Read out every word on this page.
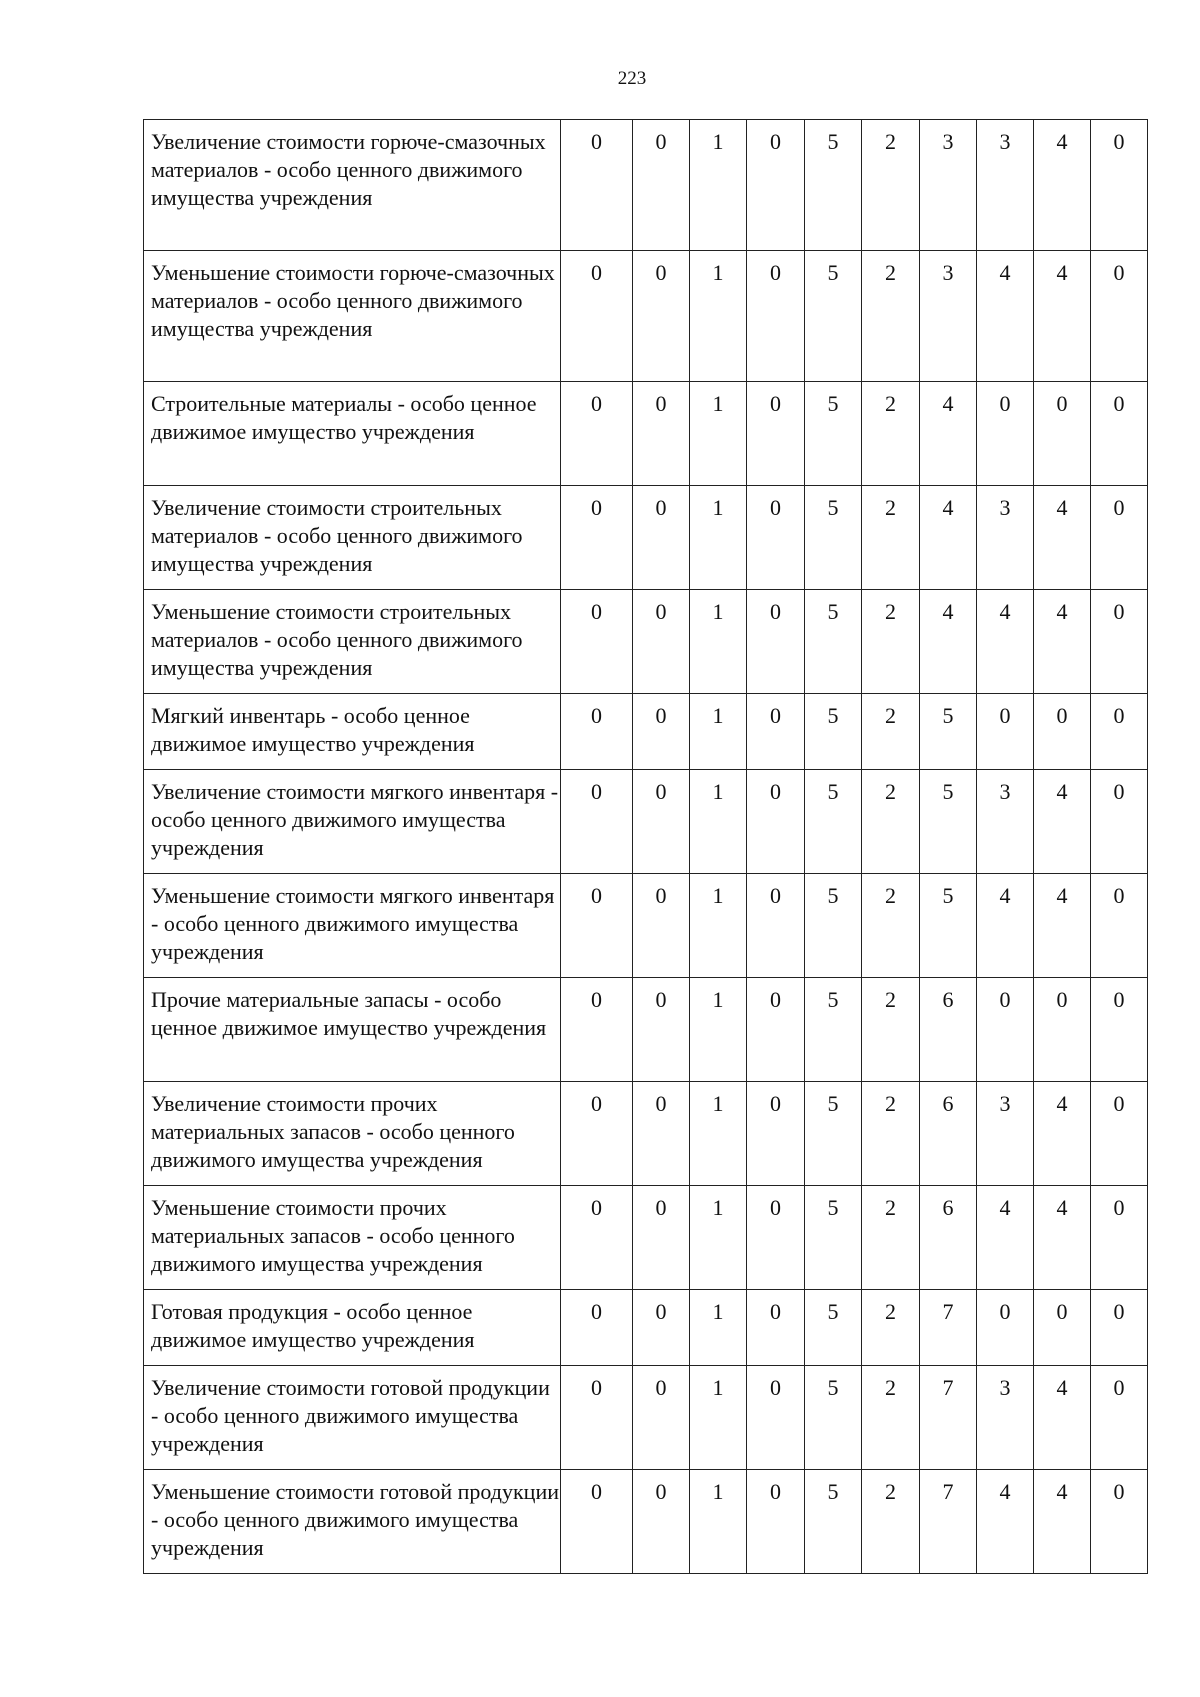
223
Увеличение стоимости горюче-смазочных материалов - особо ценного движимого имущества учреждения	0	0	1	0	5	2	3	3	4	0
Уменьшение стоимости горюче-смазочных материалов - особо ценного движимого имущества учреждения	0	0	1	0	5	2	3	4	4	0
Строительные материалы - особо ценное движимое имущество учреждения	0	0	1	0	5	2	4	0	0	0
Увеличение стоимости строительных материалов - особо ценного движимого имущества учреждения	0	0	1	0	5	2	4	3	4	0
Уменьшение стоимости строительных материалов - особо ценного движимого имущества учреждения	0	0	1	0	5	2	4	4	4	0
Мягкий инвентарь - особо ценное движимое имущество учреждения	0	0	1	0	5	2	5	0	0	0
Увеличение стоимости мягкого инвентаря - особо ценного движимого имущества учреждения	0	0	1	0	5	2	5	3	4	0
Уменьшение стоимости мягкого инвентаря - особо ценного движимого имущества учреждения	0	0	1	0	5	2	5	4	4	0
Прочие материальные запасы - особо ценное движимое имущество учреждения	0	0	1	0	5	2	6	0	0	0
Увеличение стоимости прочих материальных запасов - особо ценного движимого имущества учреждения	0	0	1	0	5	2	6	3	4	0
Уменьшение стоимости прочих материальных запасов - особо ценного движимого имущества учреждения	0	0	1	0	5	2	6	4	4	0
Готовая продукция - особо ценное движимое имущество учреждения	0	0	1	0	5	2	7	0	0	0
Увеличение стоимости готовой продукции - особо ценного движимого имущества учреждения	0	0	1	0	5	2	7	3	4	0
Уменьшение стоимости готовой продукции - особо ценного движимого имущества учреждения	0	0	1	0	5	2	7	4	4	0
